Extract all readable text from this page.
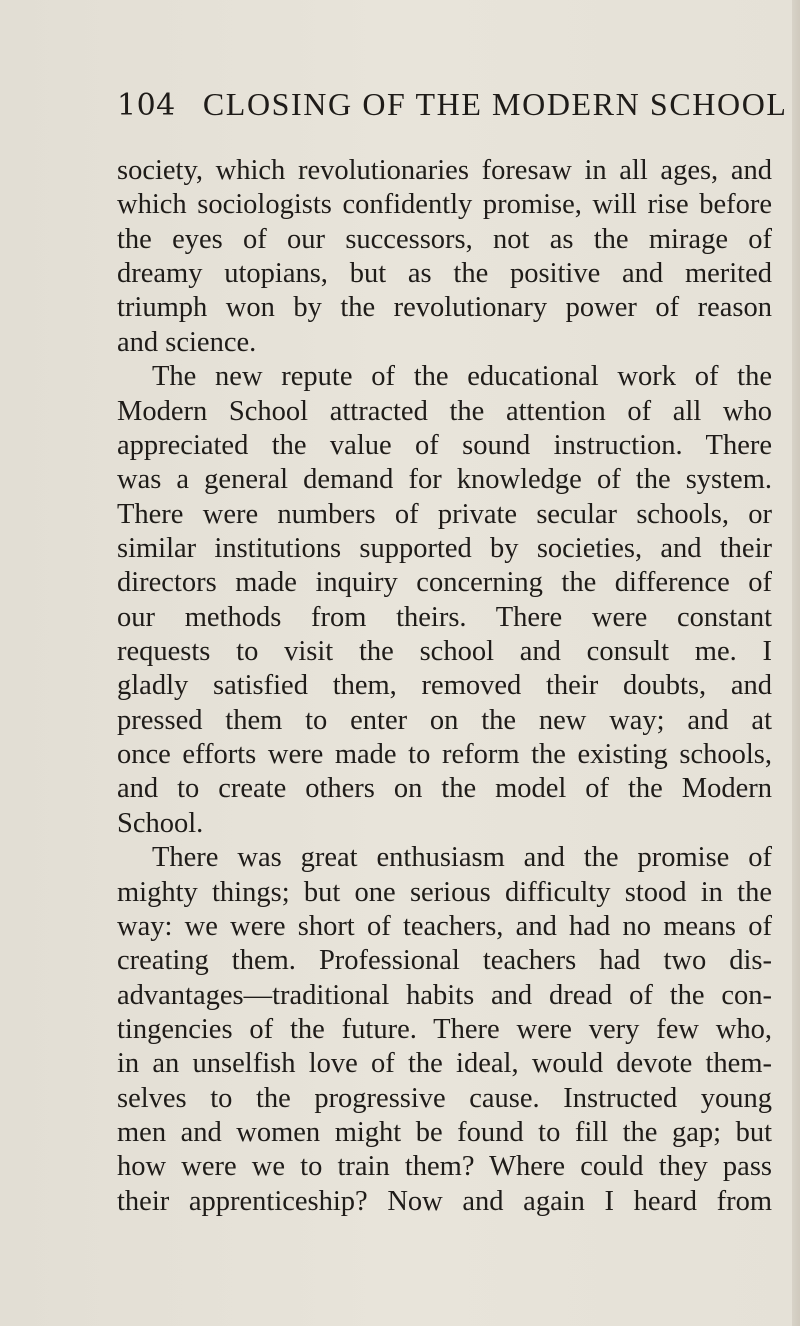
104 CLOSING OF THE MODERN SCHOOL
society, which revolutionaries foresaw in all ages, and
which sociologists confidently promise, will rise before
the eyes of our successors, not as the mirage of
dreamy utopians, but as the positive and merited
triumph won by the revolutionary power of reason
and science.
The new repute of the educational work of the
Modern School attracted the attention of all who
appreciated the value of sound instruction. There
was a general demand for knowledge of the system.
There were numbers of private secular schools, or
similar institutions supported by societies, and their
directors made inquiry concerning the difference of
our methods from theirs. There were constant
requests to visit the school and consult me. I
gladly satisfied them, removed their doubts, and
pressed them to enter on the new way; and at
once efforts were made to reform the existing schools,
and to create others on the model of the Modern
School.
There was great enthusiasm and the promise of
mighty things; but one serious difficulty stood in the
way: we were short of teachers, and had no means of
creating them. Professional teachers had two dis-
advantages—traditional habits and dread of the con-
tingencies of the future. There were very few who,
in an unselfish love of the ideal, would devote them-
selves to the progressive cause. Instructed young
men and women might be found to fill the gap; but
how were we to train them? Where could they pass
their apprenticeship? Now and again I heard from
